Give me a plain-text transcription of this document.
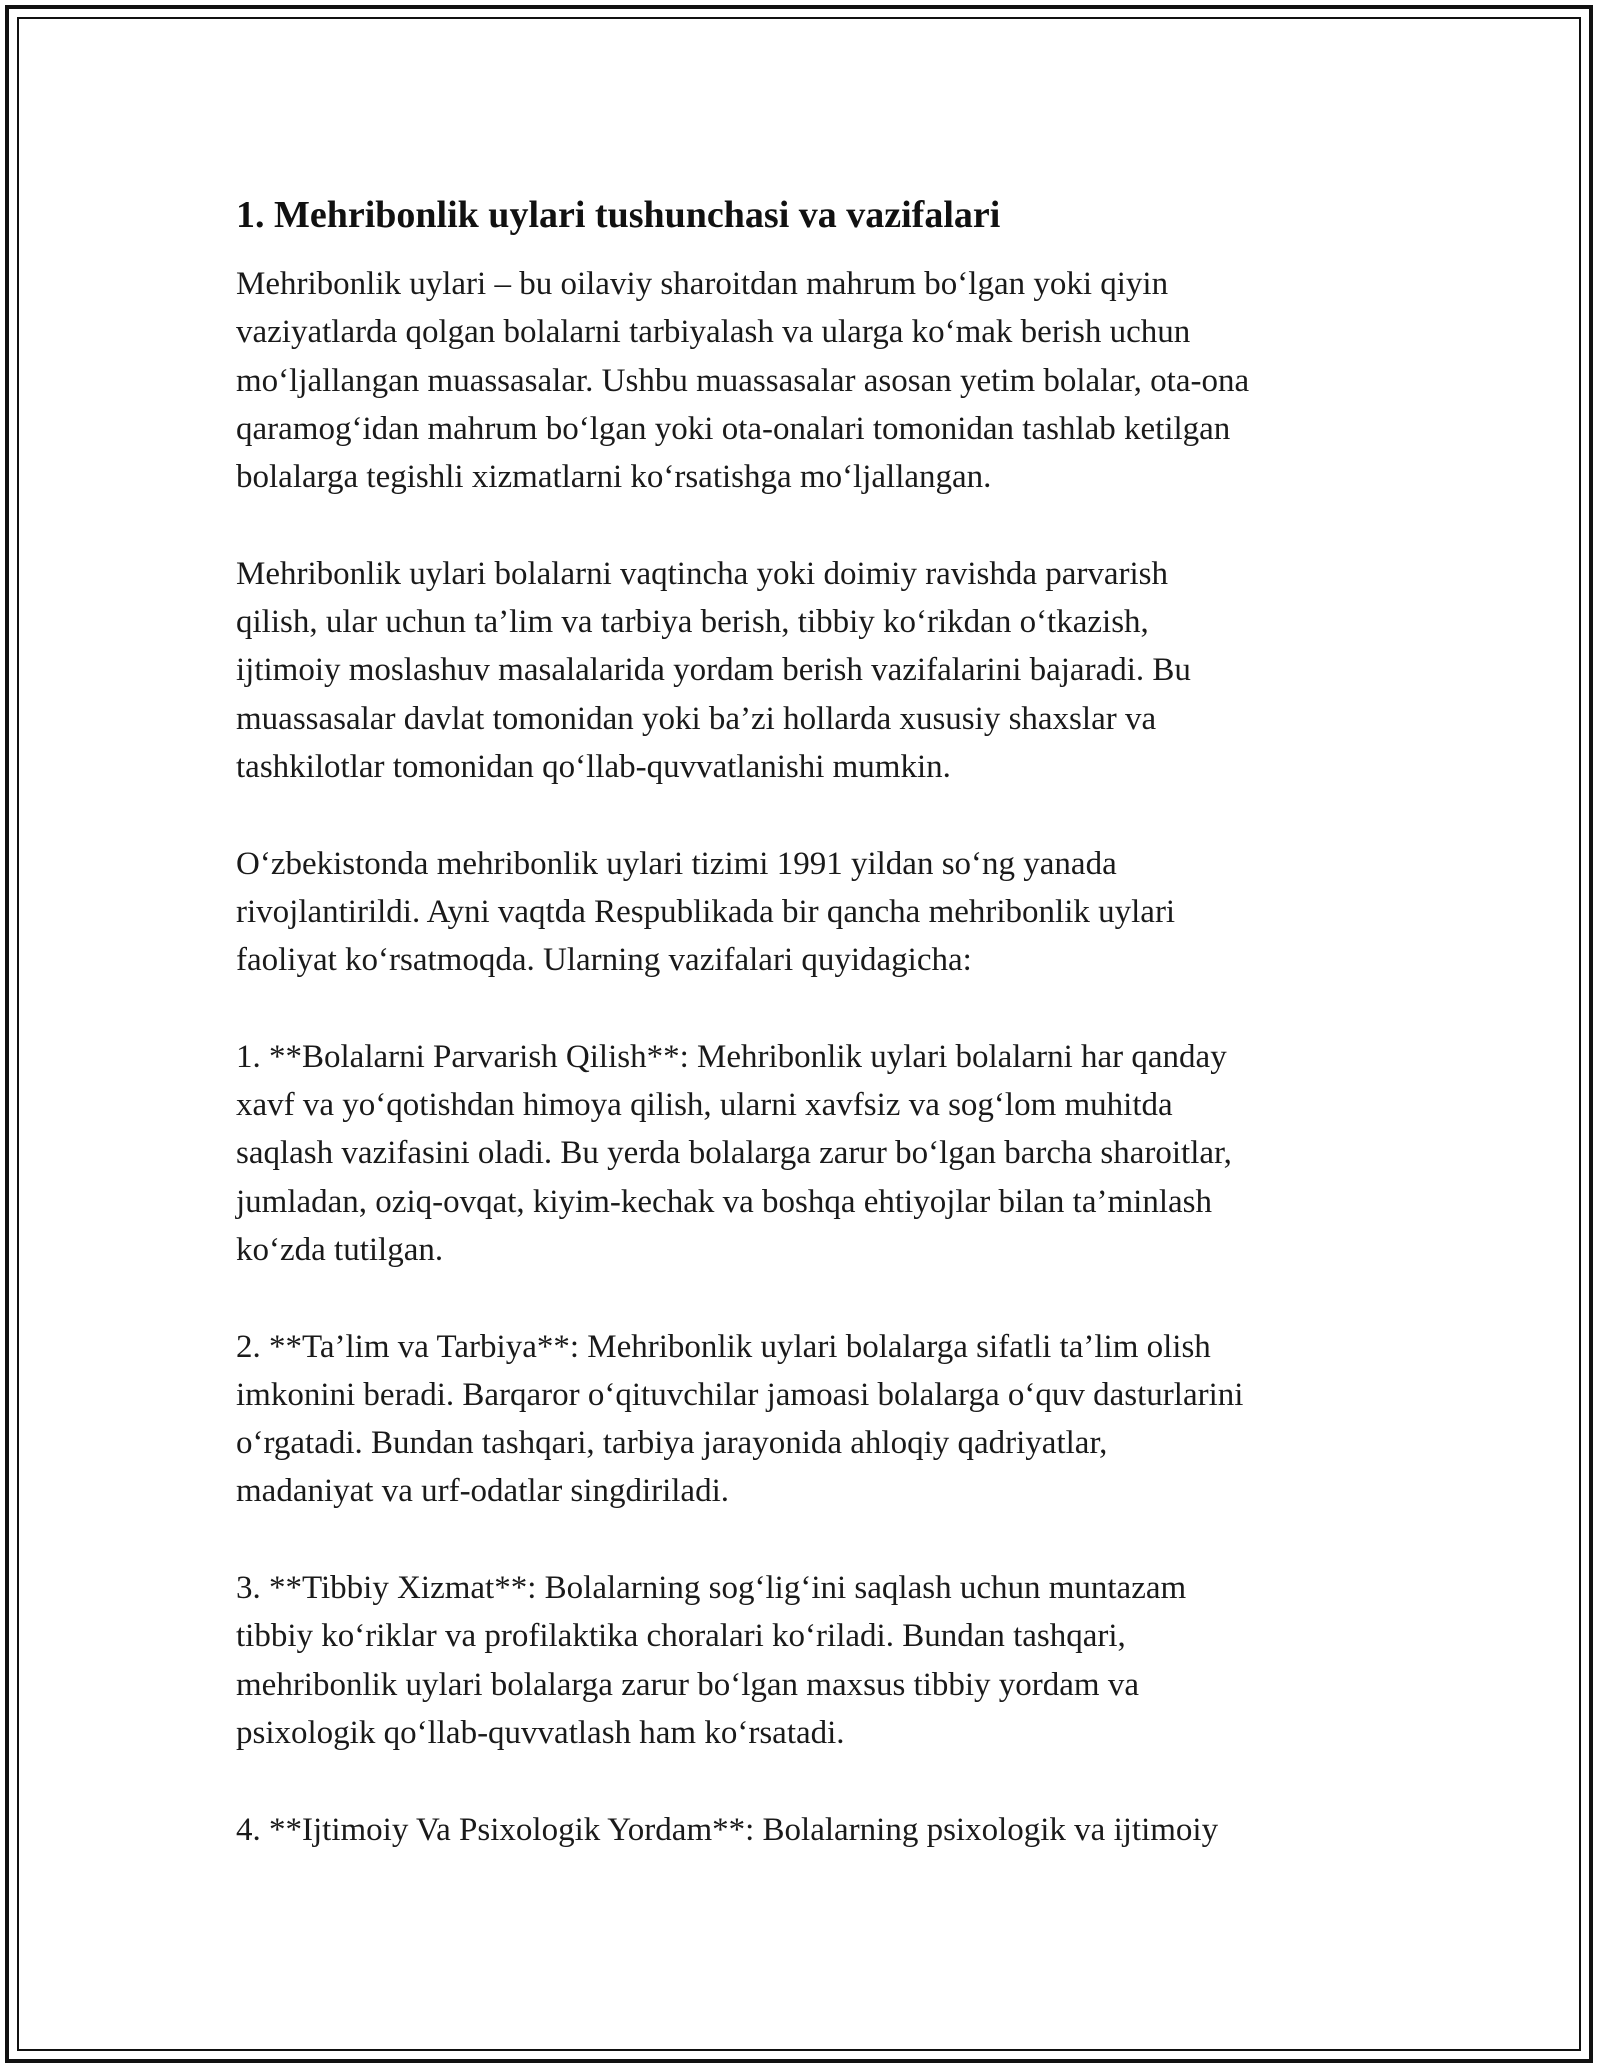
1. Mehribonlik uylari tushunchasi va vazifalari
Mehribonlik uylari – bu oilaviy sharoitdan mahrum bo‘lgan yoki qiyin
vaziyatlarda qolgan bolalarni tarbiyalash va ularga ko‘mak berish uchun
mo‘ljallangan muassasalar. Ushbu muassasalar asosan yetim bolalar, ota-ona
qaramog‘idan mahrum bo‘lgan yoki ota-onalari tomonidan tashlab ketilgan
bolalarga tegishli xizmatlarni ko‘rsatishga mo‘ljallangan.
Mehribonlik uylari bolalarni vaqtincha yoki doimiy ravishda parvarish
qilish, ular uchun ta’lim va tarbiya berish, tibbiy ko‘rikdan o‘tkazish,
ijtimoiy moslashuv masalalarida yordam berish vazifalarini bajaradi. Bu
muassasalar davlat tomonidan yoki ba’zi hollarda xususiy shaxslar va
tashkilotlar tomonidan qo‘llab-quvvatlanishi mumkin.
O‘zbekistonda mehribonlik uylari tizimi 1991 yildan so‘ng yanada
rivojlantirildi. Ayni vaqtda Respublikada bir qancha mehribonlik uylari
faoliyat ko‘rsatmoqda. Ularning vazifalari quyidagicha:
1. **Bolalarni Parvarish Qilish**: Mehribonlik uylari bolalarni har qanday
xavf va yo‘qotishdan himoya qilish, ularni xavfsiz va sog‘lom muhitda
saqlash vazifasini oladi. Bu yerda bolalarga zarur bo‘lgan barcha sharoitlar,
jumladan, oziq-ovqat, kiyim-kechak va boshqa ehtiyojlar bilan ta’minlash
ko‘zda tutilgan.
2. **Ta’lim va Tarbiya**: Mehribonlik uylari bolalarga sifatli ta’lim olish
imkonini beradi. Barqaror o‘qituvchilar jamoasi bolalarga o‘quv dasturlarini
o‘rgatadi. Bundan tashqari, tarbiya jarayonida ahloqiy qadriyatlar,
madaniyat va urf-odatlar singdiriladi.
3. **Tibbiy Xizmat**: Bolalarning sog‘lig‘ini saqlash uchun muntazam
tibbiy ko‘riklar va profilaktika choralari ko‘riladi. Bundan tashqari,
mehribonlik uylari bolalarga zarur bo‘lgan maxsus tibbiy yordam va
psixologik qo‘llab-quvvatlash ham ko‘rsatadi.
4. **Ijtimoiy Va Psixologik Yordam**: Bolalarning psixologik va ijtimoiy
